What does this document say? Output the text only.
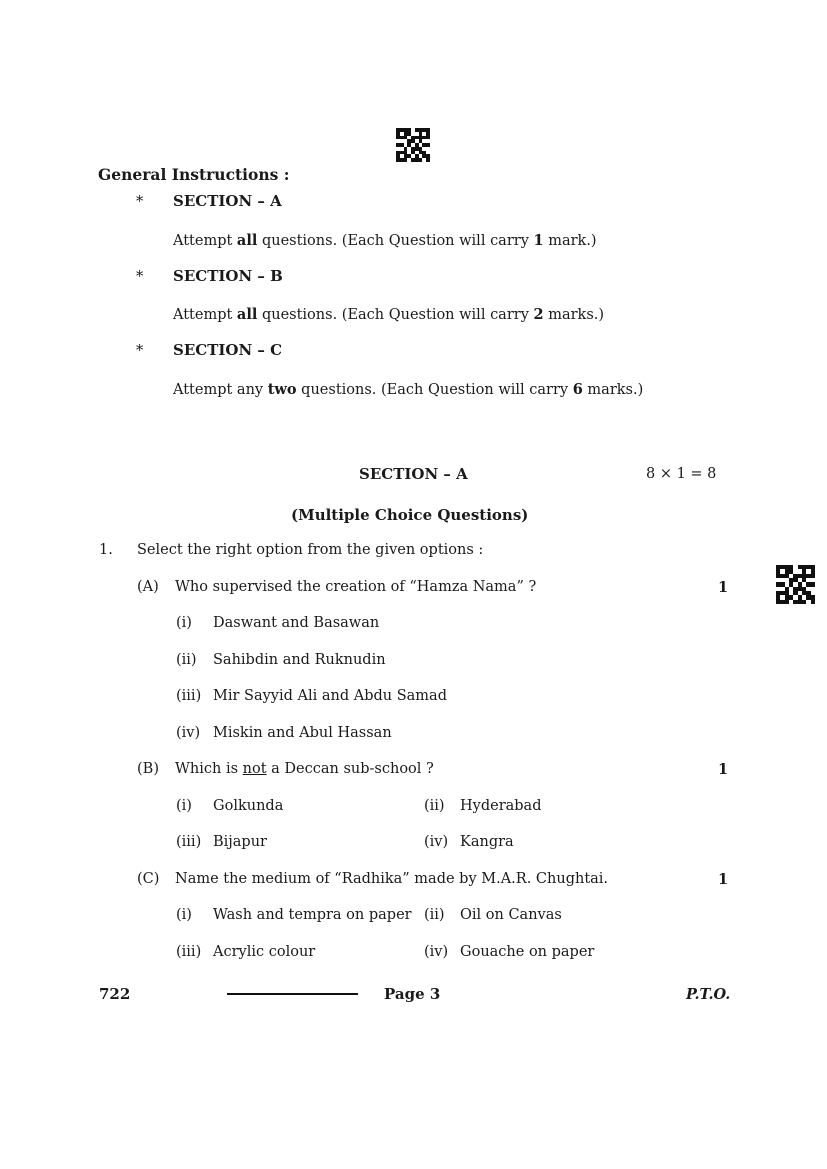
General Instructions :
* SECTION – A
Attempt all questions. (Each Question will carry 1 mark.)
* SECTION – B
Attempt all questions. (Each Question will carry 2 marks.)
* SECTION – C
Attempt any two questions. (Each Question will carry 6 marks.)
SECTION – A	8 × 1 = 8
(Multiple Choice Questions)
1. Select the right option from the given options :
(A) Who supervised the creation of “Hamza Nama” ?	1
(i) Daswant and Basawan
(ii) Sahibdin and Ruknudin
(iii) Mir Sayyid Ali and Abdu Samad
(iv) Miskin and Abul Hassan
(B) Which is not a Deccan sub-school ?	1
(i) Golkunda	(ii) Hyderabad
(iii) Bijapur	(iv) Kangra
(C) Name the medium of “Radhika” made by M.A.R. Chughtai.	1
(i) Wash and tempra on paper (ii) Oil on Canvas
(iii) Acrylic colour	(iv) Gouache on paper
722	Page 3	P.T.O.
